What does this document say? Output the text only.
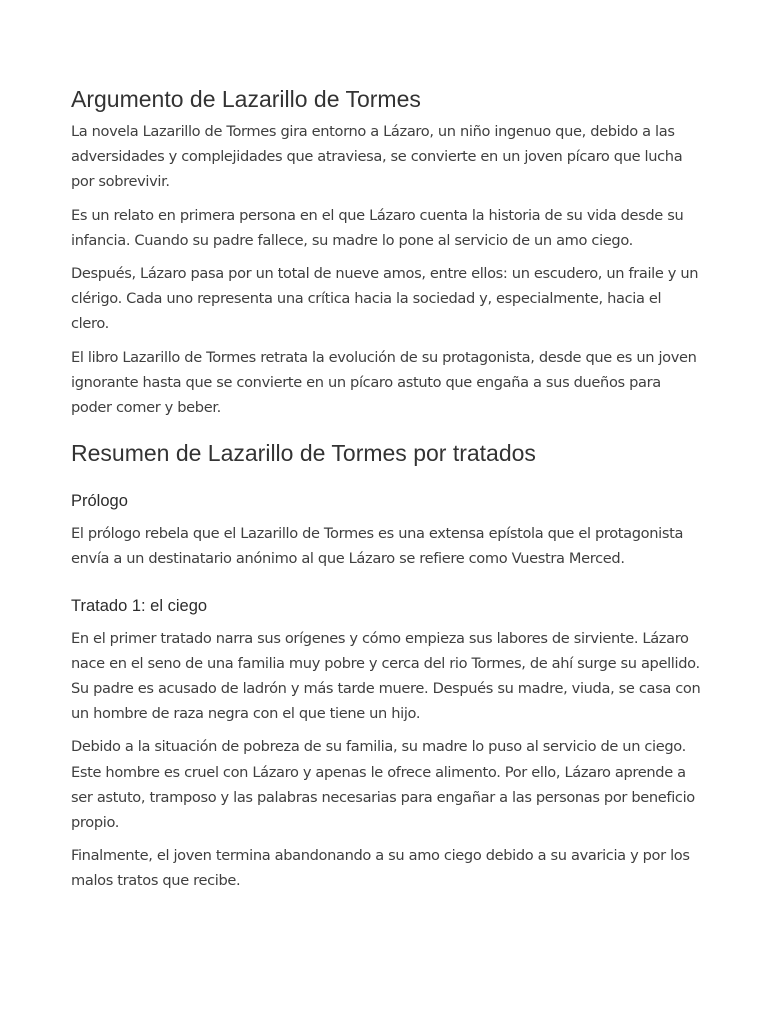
Argumento de Lazarillo de Tormes

La novela Lazarillo de Tormes gira entorno a Lázaro, un niño ingenuo que, debido a las adversidades y complejidades que atraviesa, se convierte en un joven pícaro que lucha por sobrevivir.

Es un relato en primera persona en el que Lázaro cuenta la historia de su vida desde su infancia. Cuando su padre fallece, su madre lo pone al servicio de un amo ciego.

Después, Lázaro pasa por un total de nueve amos, entre ellos: un escudero, un fraile y un clérigo. Cada uno representa una crítica hacia la sociedad y, especialmente, hacia el clero.

El libro Lazarillo de Tormes retrata la evolución de su protagonista, desde que es un joven ignorante hasta que se convierte en un pícaro astuto que engaña a sus dueños para poder comer y beber.

Resumen de Lazarillo de Tormes por tratados
Prólogo

El prólogo rebela que el Lazarillo de Tormes es una extensa epístola que el protagonista envía a un destinatario anónimo al que Lázaro se refiere como Vuestra Merced.

Tratado 1: el ciego

En el primer tratado narra sus orígenes y cómo empieza sus labores de sirviente. Lázaro nace en el seno de una familia muy pobre y cerca del rio Tormes, de ahí surge su apellido. Su padre es acusado de ladrón y más tarde muere. Después su madre, viuda, se casa con un hombre de raza negra con el que tiene un hijo.

Debido a la situación de pobreza de su familia, su madre lo puso al servicio de un ciego. Este hombre es cruel con Lázaro y apenas le ofrece alimento. Por ello, Lázaro aprende a ser astuto, tramposo y las palabras necesarias para engañar a las personas por beneficio propio.

Finalmente, el joven termina abandonando a su amo ciego debido a su avaricia y por los malos tratos que recibe.
